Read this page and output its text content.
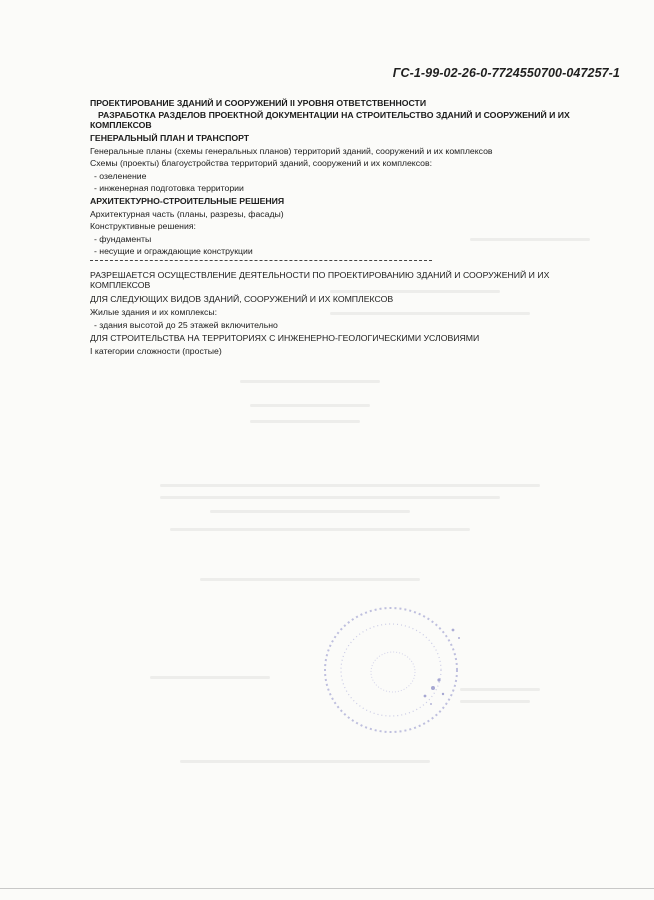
ГС-1-99-02-26-0-7724550700-047257-1
ПРОЕКТИРОВАНИЕ ЗДАНИЙ И СООРУЖЕНИЙ II УРОВНЯ ОТВЕТСТВЕННОСТИ
РАЗРАБОТКА РАЗДЕЛОВ ПРОЕКТНОЙ ДОКУМЕНТАЦИИ НА СТРОИТЕЛЬСТВО ЗДАНИЙ И СООРУЖЕНИЙ И ИХ
КОМПЛЕКСОВ
ГЕНЕРАЛЬНЫЙ ПЛАН И ТРАНСПОРТ
Генеральные планы (схемы генеральных планов) территорий зданий, сооружений и их комплексов
Схемы (проекты) благоустройства территорий зданий, сооружений и их комплексов:
- озеленение
- инженерная подготовка территории
АРХИТЕКТУРНО-СТРОИТЕЛЬНЫЕ РЕШЕНИЯ
Архитектурная часть (планы, разрезы, фасады)
Конструктивные решения:
- фундаменты
- несущие и ограждающие конструкции
РАЗРЕШАЕТСЯ ОСУЩЕСТВЛЕНИЕ ДЕЯТЕЛЬНОСТИ ПО ПРОЕКТИРОВАНИЮ ЗДАНИЙ И СООРУЖЕНИЙ И ИХ
КОМПЛЕКСОВ
ДЛЯ СЛЕДУЮЩИХ ВИДОВ ЗДАНИЙ, СООРУЖЕНИЙ И ИХ КОМПЛЕКСОВ
Жилые здания и их комплексы:
- здания высотой до 25 этажей включительно
ДЛЯ СТРОИТЕЛЬСТВА НА ТЕРРИТОРИЯХ С ИНЖЕНЕРНО-ГЕОЛОГИЧЕСКИМИ УСЛОВИЯМИ
I категории сложности (простые)
